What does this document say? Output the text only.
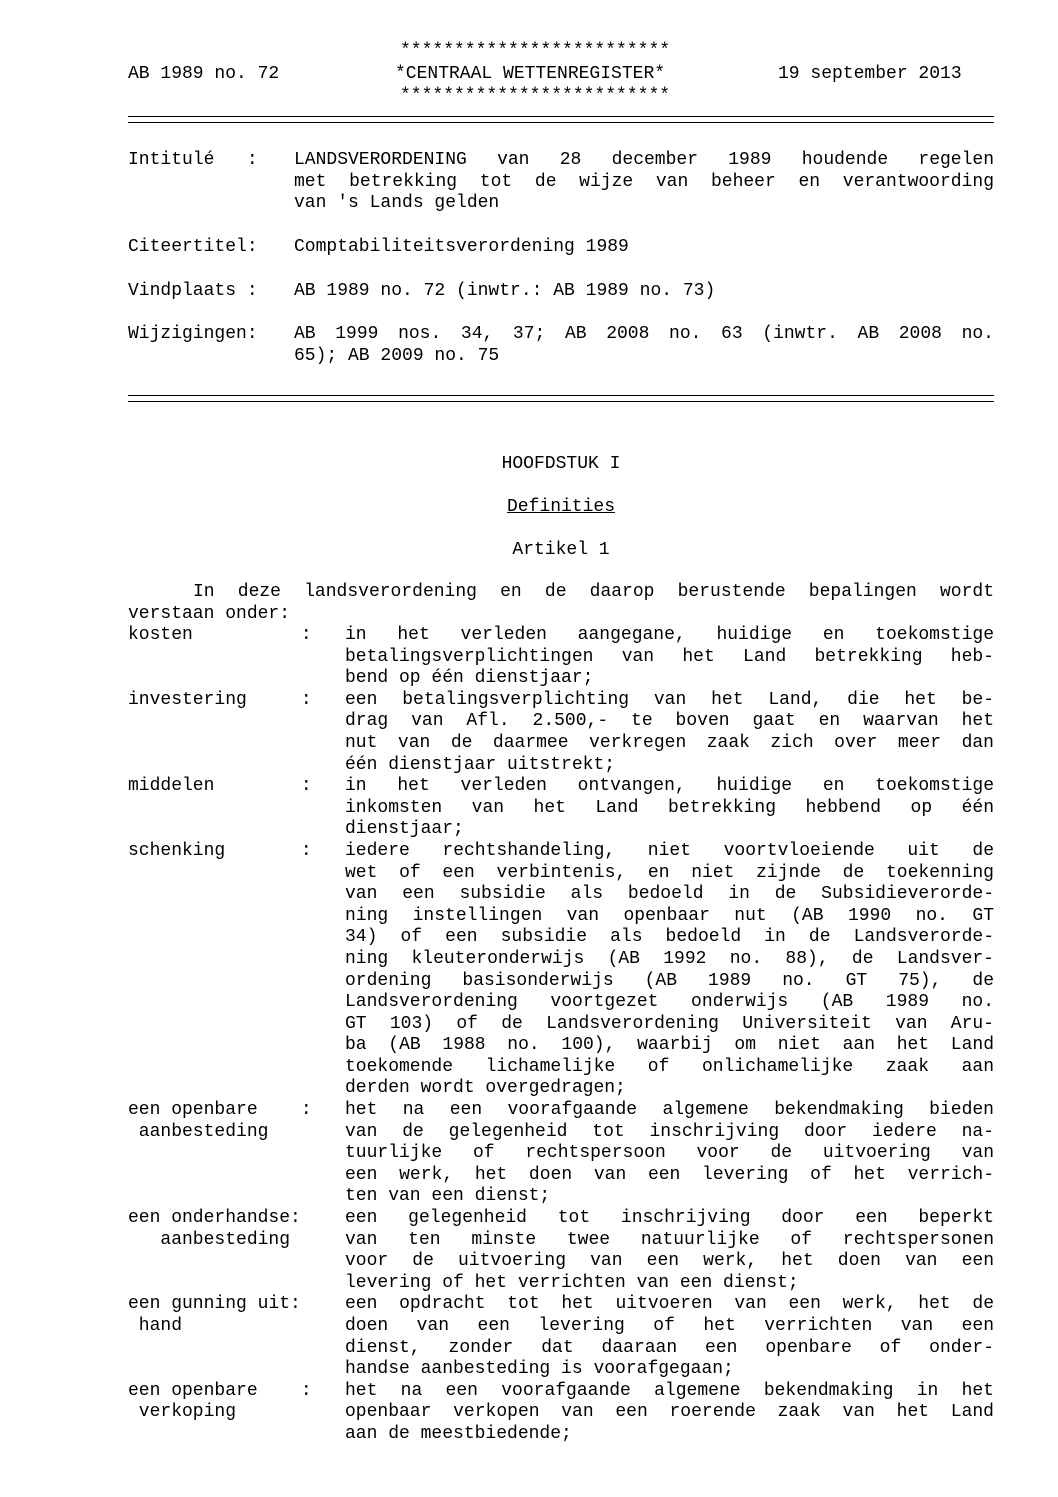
*************************
AB 1989 no. 72	*CENTRAAL WETTENREGISTER*	19 september 2013
*************************
Intitulé   : LANDSVERORDENING van 28 december 1989 houdende regelen
met betrekking tot de wijze van beheer en verantwoording
van 's Lands gelden
Citeertitel: Comptabiliteitsverordening 1989
Vindplaats : AB 1989 no. 72 (inwtr.: AB 1989 no. 73)
Wijzigingen: AB 1999 nos. 34, 37; AB 2008 no. 63 (inwtr. AB 2008 no.
65); AB 2009 no. 75
HOOFDSTUK I
Definities
Artikel 1
In deze landsverordening en de daarop berustende bepalingen wordt
verstaan onder:
kosten          : in het verleden aangegane, huidige en toekomstige
betalingsverplichtingen van het Land betrekking heb-
bend op één dienstjaar;
investering     : een betalingsverplichting van het Land, die het be-
drag van Afl. 2.500,- te boven gaat en waarvan het
nut van de daarmee verkregen zaak zich over meer dan
één dienstjaar uitstrekt;
middelen        : in het verleden ontvangen, huidige en toekomstige
inkomsten van het Land betrekking hebbend op één
dienstjaar;
schenking       : iedere rechtshandeling, niet voortvloeiende uit de
wet of een verbintenis, en niet zijnde de toekenning
van een subsidie als bedoeld in de Subsidieverorde-
ning instellingen van openbaar nut (AB 1990 no. GT
34) of een subsidie als bedoeld in de Landsverorde-
ning kleuteronderwijs (AB 1992 no. 88), de Landsver-
ordening basisonderwijs (AB 1989 no. GT 75), de
Landsverordening voortgezet onderwijs (AB 1989 no.
GT 103) of de Landsverordening Universiteit van Aru-
ba (AB 1988 no. 100), waarbij om niet aan het Land
toekomende lichamelijke of onlichamelijke zaak aan
derden wordt overgedragen;
een openbare    :
aanbesteding
het na een voorafgaande algemene bekendmaking bieden
van de gelegenheid tot inschrijving door iedere na-
tuurlijke of rechtspersoon voor de uitvoering van
een werk, het doen van een levering of het verrich-
ten van een dienst;
een onderhandse:
aanbesteding
een gelegenheid tot inschrijving door een beperkt
van ten minste twee natuurlijke of rechtspersonen
voor de uitvoering van een werk, het doen van een
levering of het verrichten van een dienst;
een gunning uit:
hand
een opdracht tot het uitvoeren van een werk, het de
doen van een levering of het verrichten van een
dienst, zonder dat daaraan een openbare of onder-
handse aanbesteding is voorafgegaan;
een openbare    :
verkoping
het na een voorafgaande algemene bekendmaking in het
openbaar verkopen van een roerende zaak van het Land
aan de meestbiedende;
